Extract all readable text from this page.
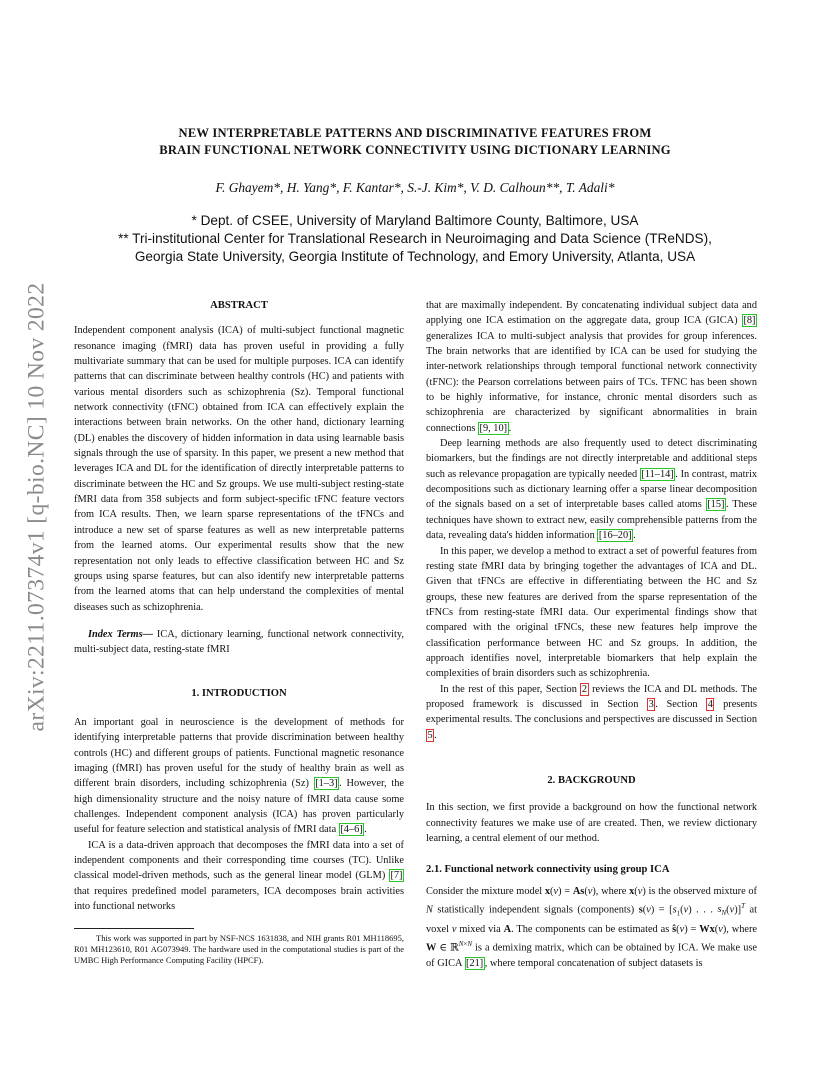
arXiv:2211.07374v1 [q-bio.NC] 10 Nov 2022
NEW INTERPRETABLE PATTERNS AND DISCRIMINATIVE FEATURES FROM
BRAIN FUNCTIONAL NETWORK CONNECTIVITY USING DICTIONARY LEARNING
F. Ghayem*, H. Yang*, F. Kantar*, S.-J. Kim*, V. D. Calhoun**, T. Adali*
* Dept. of CSEE, University of Maryland Baltimore County, Baltimore, USA
** Tri-institutional Center for Translational Research in Neuroimaging and Data Science (TReNDS),
Georgia State University, Georgia Institute of Technology, and Emory University, Atlanta, USA
ABSTRACT

Independent component analysis (ICA) of multi-subject functional magnetic resonance imaging (fMRI) data has proven useful in providing a fully multivariate summary that can be used for multiple purposes. ICA can identify patterns that can discriminate between healthy controls (HC) and patients with various mental disorders such as schizophrenia (Sz). Temporal functional network connectivity (tFNC) obtained from ICA can effectively explain the interactions between brain networks. On the other hand, dictionary learning (DL) enables the discovery of hidden information in data using learnable basis signals through the use of sparsity. In this paper, we present a new method that leverages ICA and DL for the identification of directly interpretable patterns to discriminate between the HC and Sz groups. We use multi-subject resting-state fMRI data from 358 subjects and form subject-specific tFNC feature vectors from ICA results. Then, we learn sparse representations of the tFNCs and introduce a new set of sparse features as well as new interpretable patterns from the learned atoms. Our experimental results show that the new representation not only leads to effective classification between HC and Sz groups using sparse features, but can also identify new interpretable patterns from the learned atoms that can help understand the complexities of mental diseases such as schizophrenia.

Index Terms— ICA, dictionary learning, functional network connectivity, multi-subject data, resting-state fMRI

1. INTRODUCTION

An important goal in neuroscience is the development of methods for identifying interpretable patterns that provide discrimination between healthy controls (HC) and different groups of patients. Functional magnetic resonance imaging (fMRI) has proven useful for the study of healthy brain as well as different brain disorders, including schizophrenia (Sz) [1–3] . However, the high dimensionality structure and the noisy nature of fMRI data cause some challenges. Independent component analysis (ICA) has proven particularly useful for feature selection and statistical analysis of fMRI data [4–6] .

ICA is a data-driven approach that decomposes the fMRI data into a set of independent components and their corresponding time courses (TC). Unlike classical model-driven methods, such as the general linear model (GLM) [7] that requires predefined model parameters, ICA decomposes brain activities into functional networks

This work was supported in part by NSF-NCS 1631838, and NIH grants R01 MH118695, R01 MH123610, R01 AG073949. The hardware used in the computational studies is part of the UMBC High Performance Computing Facility (HPCF).

that are maximally independent. By concatenating individual subject data and applying one ICA estimation on the aggregate data, group ICA (GICA) [8] generalizes ICA to multi-subject analysis that provides for group inferences. The brain networks that are identified by ICA can be used for studying the inter-network relationships through temporal functional network connectivity (tFNC): the Pearson correlations between pairs of TCs. TFNC has been shown to be highly informative, for instance, chronic mental disorders such as schizophrenia are characterized by significant abnormalities in brain connections [9, 10] .

Deep learning methods are also frequently used to detect discriminating biomarkers, but the findings are not directly interpretable and additional steps such as relevance propagation are typically needed [11–14] . In contrast, matrix decompositions such as dictionary learning offer a sparse linear decomposition of the signals based on a set of interpretable bases called atoms [15] . These techniques have shown to extract new, easily comprehensible patterns from the data, revealing data's hidden information [16–20] .

In this paper, we develop a method to extract a set of powerful features from resting state fMRI data by bringing together the advantages of ICA and DL. Given that tFNCs are effective in differentiating between the HC and Sz groups, these new features are derived from the sparse representation of the tFNCs from resting-state fMRI data. Our experimental findings show that compared with the original tFNCs, these new features help improve the classification performance between HC and Sz groups. In addition, the approach identifies novel, interpretable biomarkers that help explain the complexities of brain disorders such as schizophrenia.

In the rest of this paper, Section 2 reviews the ICA and DL methods. The proposed framework is discussed in Section 3 . Section 4 presents experimental results. The conclusions and perspectives are discussed in Section 5 .

2. BACKGROUND

In this section, we first provide a background on how the functional network connectivity features we make use of are created. Then, we review dictionary learning, a central element of our method.

2.1. Functional network connectivity using group ICA

Consider the mixture model x(v) = As(v), where x(v) is the observed mixture of N statistically independent signals (components) $s(v) = [s_1(v)$ . . . $s_N(v)]^T$ at voxel v mixed via A. The components can be estimated as ŝ(v) = Wx(v), where W ∈ ℝ$^{N\times N}$ is a demixing matrix, which can be obtained by ICA. We make use of GICA [21] , where temporal concatenation of subject datasets is
